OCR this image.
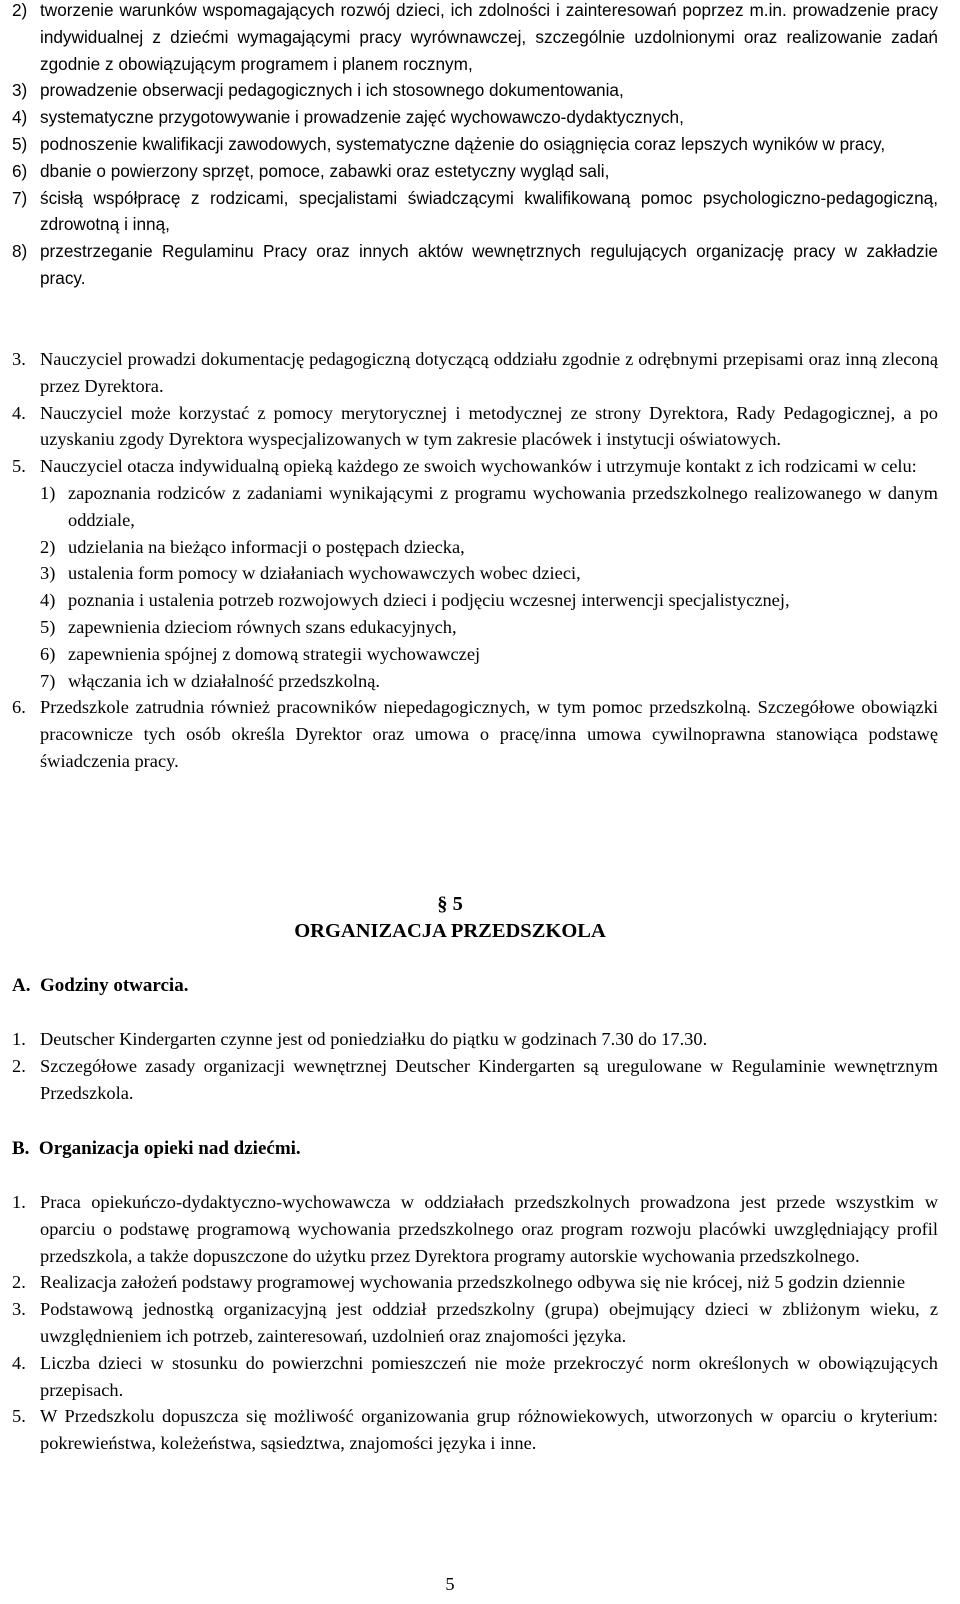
2) tworzenie warunków wspomagających rozwój dzieci, ich zdolności i zainteresowań poprzez m.in. prowadzenie pracy indywidualnej z dziećmi wymagającymi pracy wyrównawczej, szczególnie uzdolnionymi oraz realizowanie zadań zgodnie z obowiązującym programem i planem rocznym,
3) prowadzenie obserwacji pedagogicznych i ich stosownego dokumentowania,
4) systematyczne przygotowywanie i prowadzenie zajęć wychowawczo-dydaktycznych,
5) podnoszenie kwalifikacji zawodowych, systematyczne dążenie do osiągnięcia coraz lepszych wyników w pracy,
6) dbanie o powierzony sprzęt, pomoce, zabawki oraz estetyczny wygląd sali,
7) ścisłą współpracę z rodzicami, specjalistami świadczącymi kwalifikowaną pomoc psychologiczno-pedagogiczną, zdrowotną i inną,
8) przestrzeganie Regulaminu Pracy oraz innych aktów wewnętrznych regulujących organizację pracy w zakładzie pracy.
3. Nauczyciel prowadzi dokumentację pedagogiczną dotyczącą oddziału zgodnie z odrębnymi przepisami oraz inną zleconą przez Dyrektora.
4. Nauczyciel może korzystać z pomocy merytorycznej i metodycznej ze strony Dyrektora, Rady Pedagogicznej, a po uzyskaniu zgody Dyrektora wyspecjalizowanych w tym zakresie placówek i instytucji oświatowych.
5. Nauczyciel otacza indywidualną opieką każdego ze swoich wychowanków i utrzymuje kontakt z ich rodzicami w celu:
1) zapoznania rodziców z zadaniami wynikającymi z programu wychowania przedszkolnego realizowanego w danym oddziale,
2) udzielania na bieżąco informacji o postępach dziecka,
3) ustalenia form pomocy w działaniach wychowawczych wobec dzieci,
4) poznania i ustalenia potrzeb rozwojowych dzieci i podjęciu wczesnej interwencji specjalistycznej,
5) zapewnienia dzieciom równych szans edukacyjnych,
6) zapewnienia spójnej z domową strategii wychowawczej
7) włączania ich w działalność przedszkolną.
6. Przedszkole zatrudnia również pracowników niepedagogicznych, w tym pomoc przedszkolną. Szczegółowe obowiązki pracownicze tych osób określa Dyrektor oraz umowa o pracę/inna umowa cywilnoprawna stanowiąca podstawę świadczenia pracy.
§ 5
ORGANIZACJA PRZEDSZKOLA
A.  Godziny otwarcia.
1. Deutscher Kindergarten czynne jest od poniedziałku do piątku w godzinach 7.30 do 17.30.
2. Szczegółowe zasady organizacji wewnętrznej Deutscher Kindergarten są uregulowane w Regulaminie wewnętrznym Przedszkola.
B.  Organizacja opieki nad dziećmi.
1. Praca opiekuńczo-dydaktyczno-wychowawcza w oddziałach przedszkolnych prowadzona jest przede wszystkim w oparciu o podstawę programową wychowania przedszkolnego oraz program rozwoju placówki uwzględniający profil przedszkola, a także dopuszczone do użytku przez Dyrektora programy autorskie wychowania przedszkolnego.
2. Realizacja założeń podstawy programowej wychowania przedszkolnego odbywa się nie krócej, niż 5 godzin dziennie
3. Podstawową jednostką organizacyjną jest oddział przedszkolny (grupa) obejmujący dzieci w zbliżonym wieku, z uwzględnieniem ich potrzeb, zainteresowań, uzdolnień oraz znajomości języka.
4. Liczba dzieci w stosunku do powierzchni pomieszczeń nie może przekroczyć norm określonych w obowiązujących przepisach.
5. W Przedszkolu dopuszcza się możliwość organizowania grup różnowiekowych, utworzonych w oparciu o kryterium: pokrewieństwa, koleżeństwa, sąsiedztwa, znajomości języka i inne.
5
